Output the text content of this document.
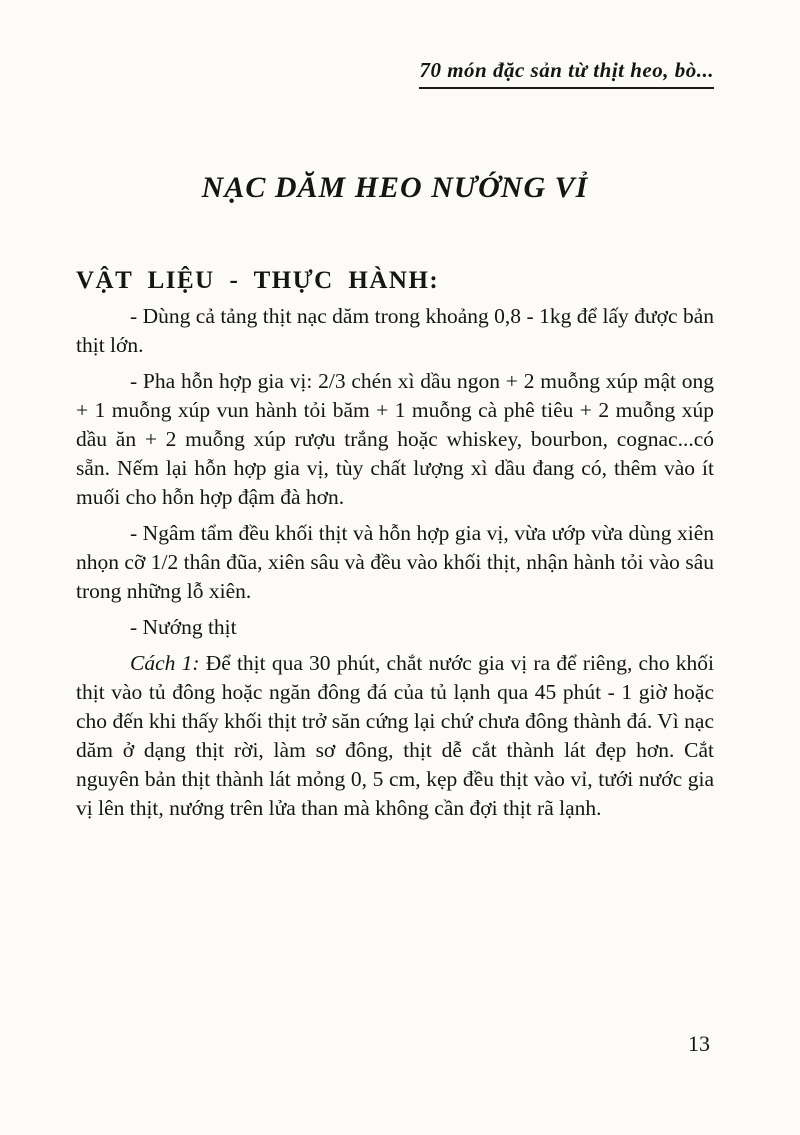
70 món đặc sản từ thịt heo, bò...
NẠC DĂM HEO NƯỚNG VỈ
VẬT LIỆU - THỰC HÀNH:

- Dùng cả tảng thịt nạc dăm trong khoảng 0,8 - 1kg để lấy được bản thịt lớn.

- Pha hỗn hợp gia vị: 2/3 chén xì dầu ngon + 2 muỗng xúp mật ong + 1 muỗng xúp vun hành tỏi băm + 1 muỗng cà phê tiêu + 2 muỗng xúp dầu ăn + 2 muỗng xúp rượu trắng hoặc whiskey, bourbon, cognac...có sẵn. Nếm lại hỗn hợp gia vị, tùy chất lượng xì dầu đang có, thêm vào ít muối cho hỗn hợp đậm đà hơn.

- Ngâm tẩm đều khối thịt và hỗn hợp gia vị, vừa ướp vừa dùng xiên nhọn cỡ 1/2 thân đũa, xiên sâu và đều vào khối thịt, nhận hành tỏi vào sâu trong những lỗ xiên.

- Nướng thịt

Cách 1: Để thịt qua 30 phút, chắt nước gia vị ra để riêng, cho khối thịt vào tủ đông hoặc ngăn đông đá của tủ lạnh qua 45 phút - 1 giờ hoặc cho đến khi thấy khối thịt trở săn cứng lại chứ chưa đông thành đá. Vì nạc dăm ở dạng thịt rời, làm sơ đông, thịt dễ cắt thành lát đẹp hơn. Cắt nguyên bản thịt thành lát mỏng 0, 5 cm, kẹp đều thịt vào vỉ, tưới nước gia vị lên thịt, nướng trên lửa than mà không cần đợi thịt rã lạnh.

13
